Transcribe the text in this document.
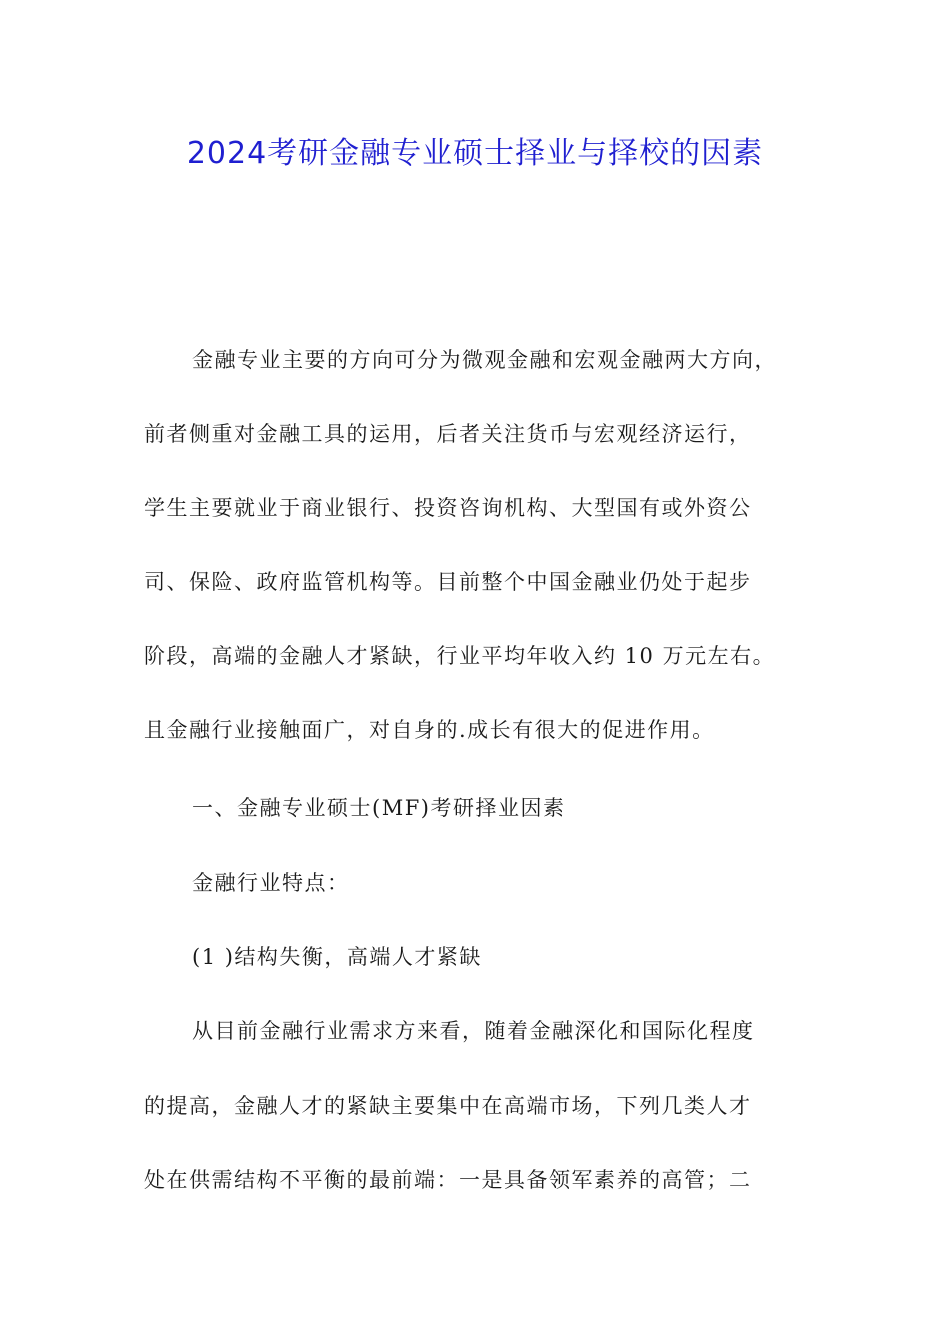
2024考研金融专业硕士择业与择校的因素
金融专业主要的方向可分为微观金融和宏观金融两大方向，
前者侧重对金融工具的运用，后者关注货币与宏观经济运行，
学生主要就业于商业银行、投资咨询机构、大型国有或外资公
司、保险、政府监管机构等。目前整个中国金融业仍处于起步
阶段，高端的金融人才紧缺，行业平均年收入约 10 万元左右。
且金融行业接触面广，对自身的.成长有很大的促进作用。
一、金融专业硕士(MF)考研择业因素
金融行业特点：
(1 )结构失衡，高端人才紧缺
从目前金融行业需求方来看，随着金融深化和国际化程度
的提高，金融人才的紧缺主要集中在高端市场，下列几类人才
处在供需结构不平衡的最前端：一是具备领军素养的高管；二
